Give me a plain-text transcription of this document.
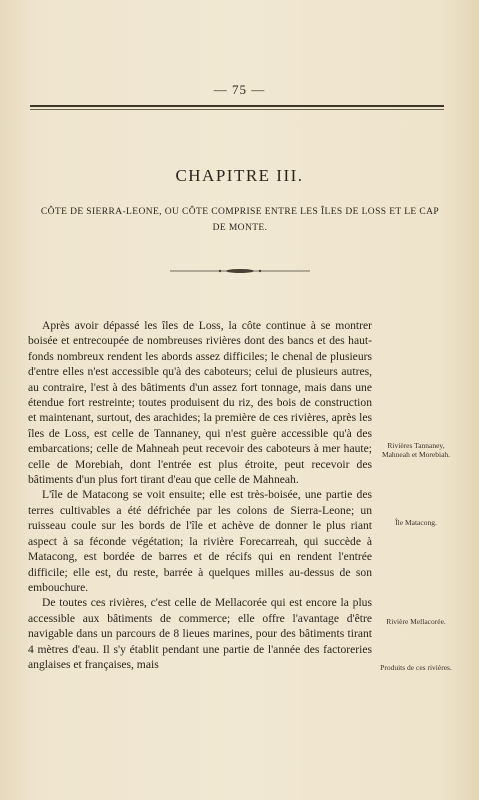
— 75 —
CHAPITRE III.
CÔTE DE SIERRA-LEONE, OU CÔTE COMPRISE ENTRE LES ÎLES DE LOSS ET LE CAP DE MONTE.

Après avoir dépassé les îles de Loss, la côte continue à se montrer boisée et entrecoupée de nombreuses rivières dont des bancs et des haut-fonds nombreux rendent les abords assez difficiles; le chenal de plusieurs d'entre elles n'est accessible qu'à des caboteurs; celui de plusieurs autres, au contraire, l'est à des bâtiments d'un assez fort tonnage, mais dans une étendue fort restreinte; toutes produisent du riz, des bois de construction et maintenant, surtout, des arachides; la première de ces rivières, après les îles de Loss, est celle de Tannaney, qui n'est guère accessible qu'à des embarcations; celle de Mahneah peut recevoir des caboteurs à mer haute; celle de Morebiah, dont l'entrée est plus étroite, peut recevoir des bâtiments d'un plus fort tirant d'eau que celle de Mahneah.

L'île de Matacong se voit ensuite; elle est très-boisée, une partie des terres cultivables a été défrichée par les colons de Sierra-Leone; un ruisseau coule sur les bords de l'île et achève de donner le plus riant aspect à sa féconde végétation; la rivière Forecarreah, qui succède à Matacong, est bordée de barres et de récifs qui en rendent l'entrée difficile; elle est, du reste, barrée à quelques milles au-dessus de son embouchure.

De toutes ces rivières, c'est celle de Mellacorée qui est encore la plus accessible aux bâtiments de commerce; elle offre l'avantage d'être navigable dans un parcours de 8 lieues marines, pour des bâtiments tirant 4 mètres d'eau. Il s'y établit pendant une partie de l'année des factoreries anglaises et françaises, mais

Rivières Tannaney, Mahneah et Morebiah.
Île Matacong.
Rivière Mellacorée.
Produits de ces rivières.
